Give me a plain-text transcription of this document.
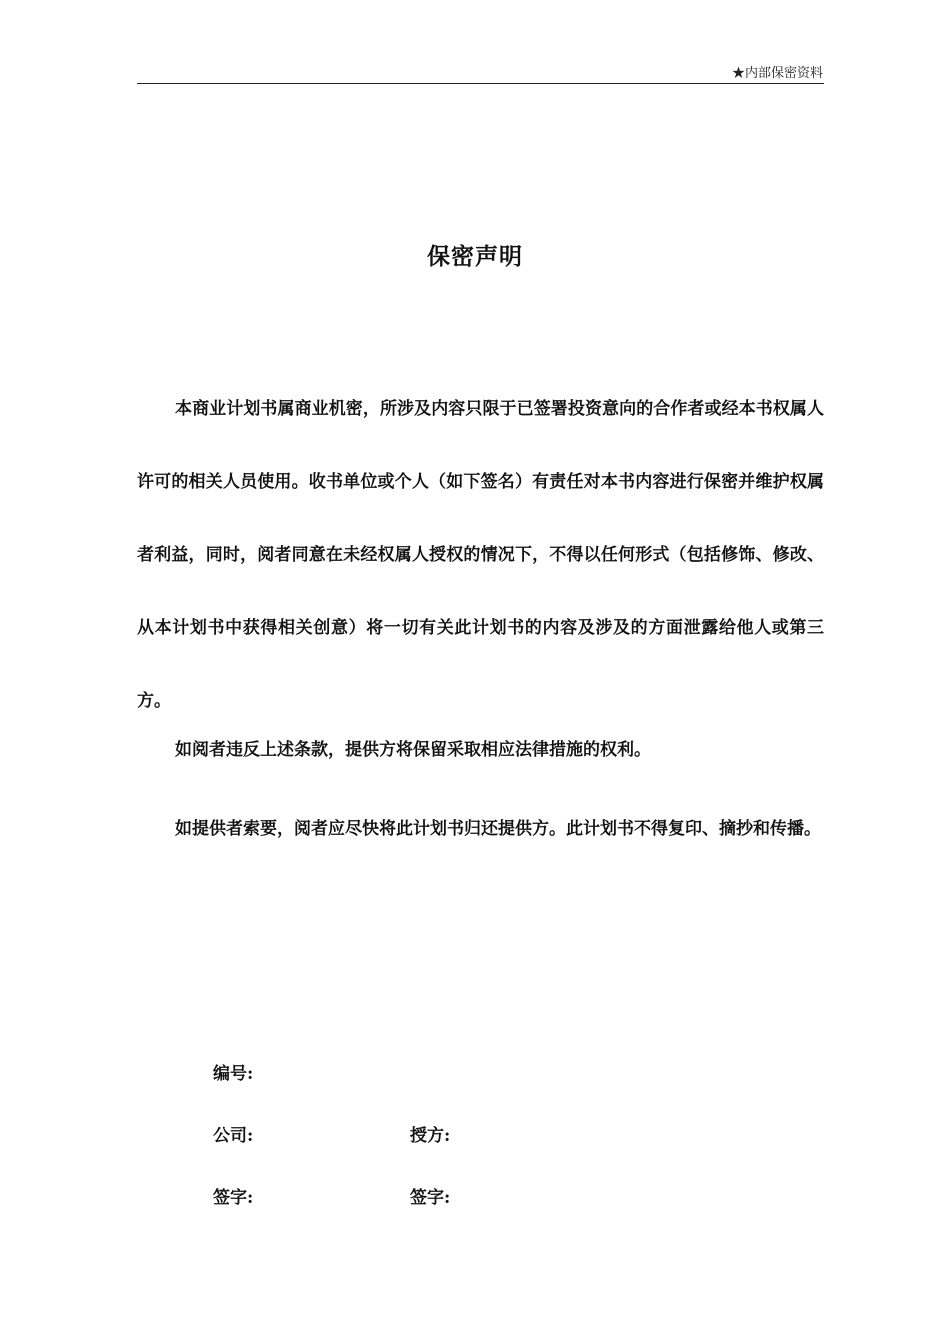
★内部保密资料
保密声明

本商业计划书属商业机密，所涉及内容只限于已签署投资意向的合作者或经本书权属人许可的相关人员使用。收书单位或个人（如下签名）有责任对本书内容进行保密并维护权属者利益，同时，阅者同意在未经权属人授权的情况下，不得以任何形式（包括修饰、修改、从本计划书中获得相关创意）将一切有关此计划书的内容及涉及的方面泄露给他人或第三方。

如阅者违反上述条款，提供方将保留采取相应法律措施的权利。

如提供者索要，阅者应尽快将此计划书归还提供方。此计划书不得复印、摘抄和传播。

编号:
公司:	授方:
签字:	签字:
